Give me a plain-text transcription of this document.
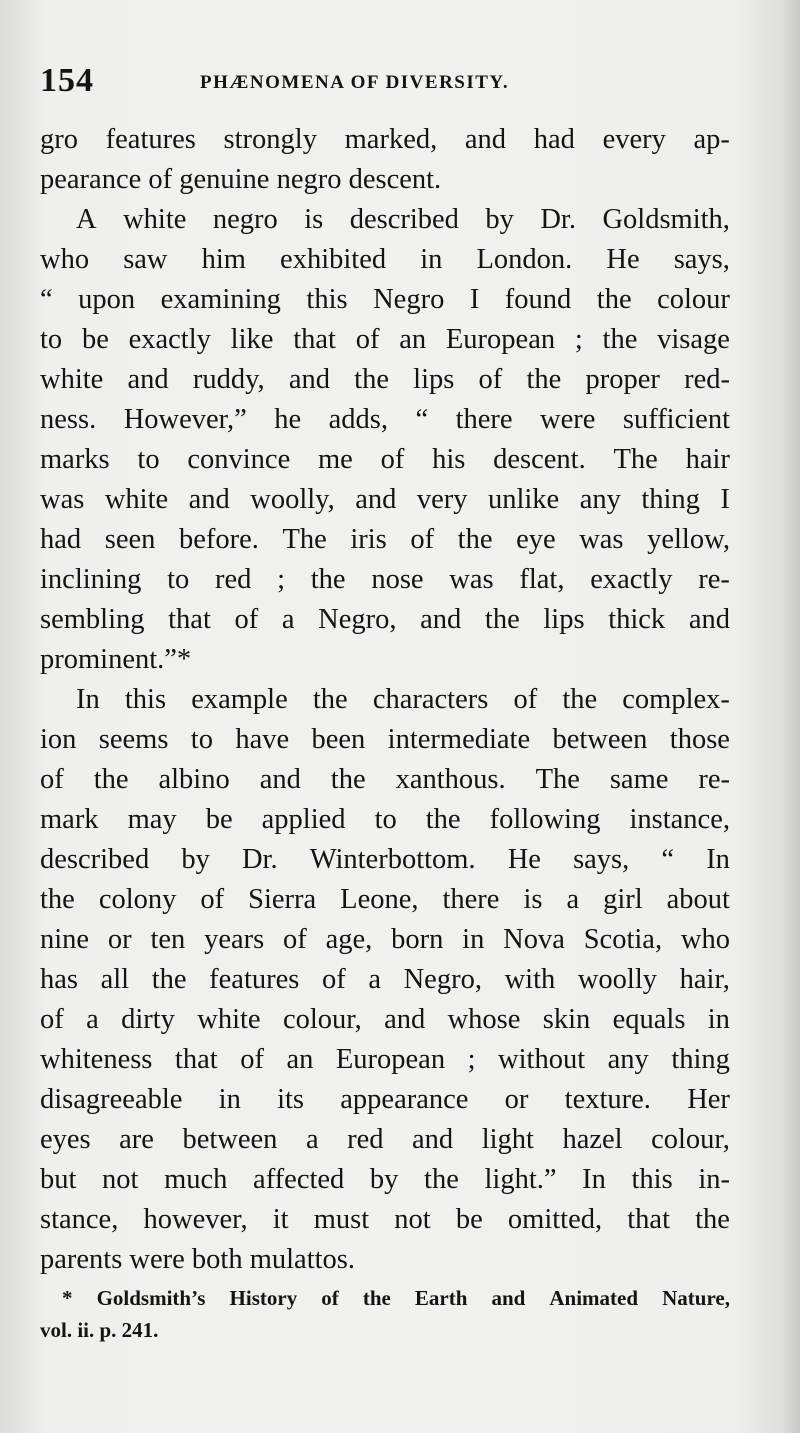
154	PHÆNOMENA OF DIVERSITY.
gro features strongly marked, and had every ap-
pearance of genuine negro descent.
A white negro is described by Dr. Goldsmith,
who saw him exhibited in London. He says,
“ upon examining this Negro I found the colour
to be exactly like that of an European ; the visage
white and ruddy, and the lips of the proper red-
ness. However,” he adds, “ there were sufficient
marks to convince me of his descent. The hair
was white and woolly, and very unlike any thing I
had seen before. The iris of the eye was yellow,
inclining to red ; the nose was flat, exactly re-
sembling that of a Negro, and the lips thick and
prominent.”*
In this example the characters of the complex-
ion seems to have been intermediate between those
of the albino and the xanthous. The same re-
mark may be applied to the following instance,
described by Dr. Winterbottom. He says, “ In
the colony of Sierra Leone, there is a girl about
nine or ten years of age, born in Nova Scotia, who
has all the features of a Negro, with woolly hair,
of a dirty white colour, and whose skin equals in
whiteness that of an European ; without any thing
disagreeable in its appearance or texture. Her
eyes are between a red and light hazel colour,
but not much affected by the light.” In this in-
stance, however, it must not be omitted, that the
parents were both mulattos.
* Goldsmith’s History of the Earth and Animated Nature,
vol. ii. p. 241.
